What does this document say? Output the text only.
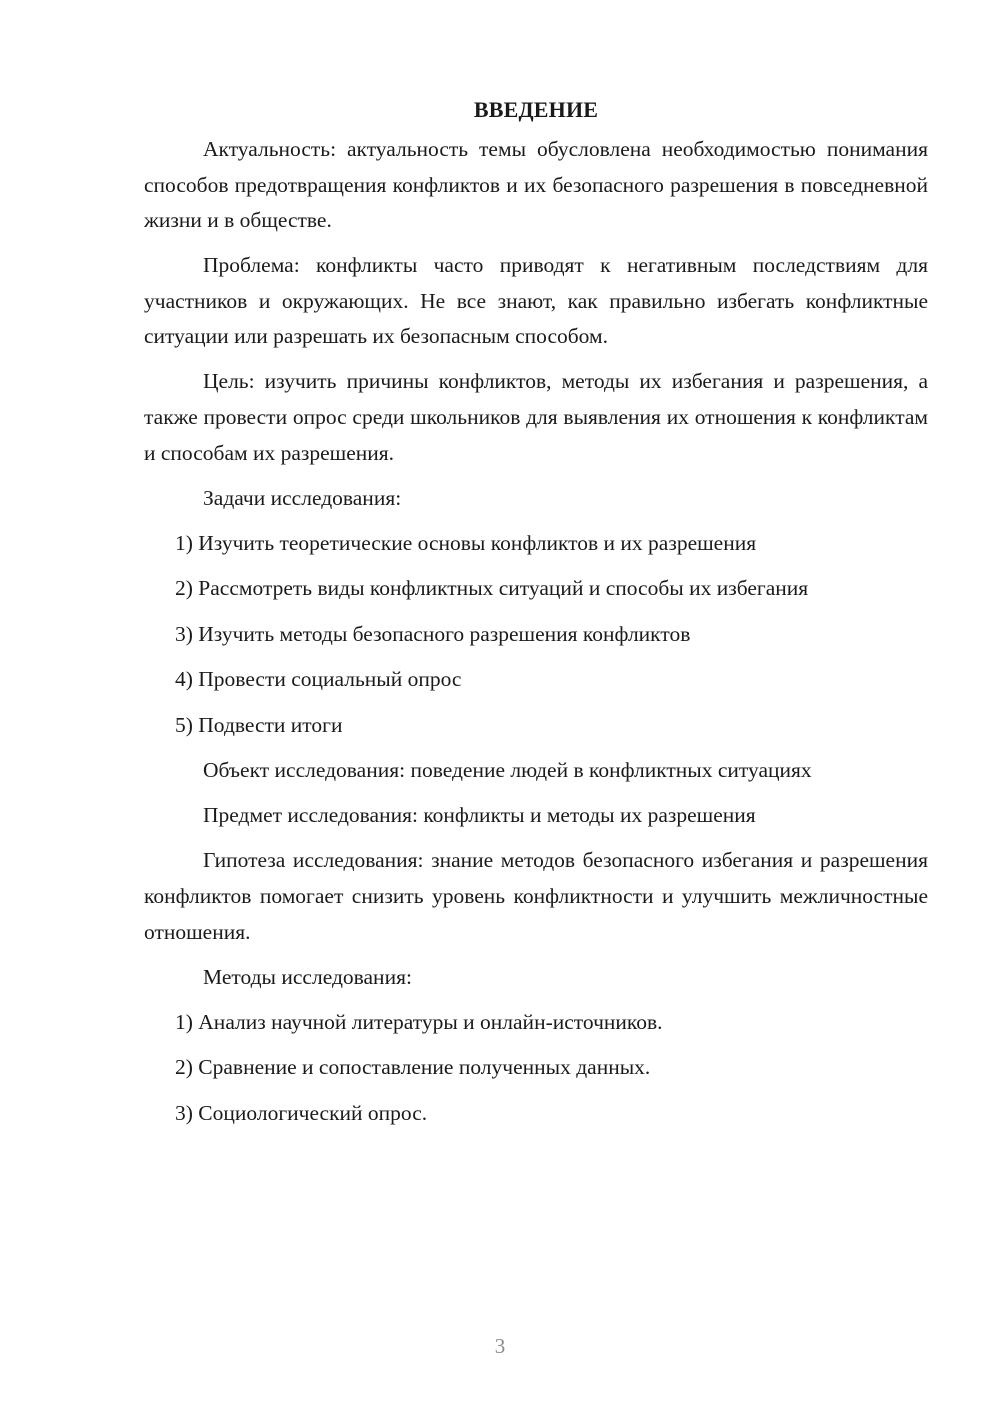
ВВЕДЕНИЕ

Актуальность: актуальность темы обусловлена необходимостью понимания способов предотвращения конфликтов и их безопасного разрешения в повседневной жизни и в обществе.

Проблема: конфликты часто приводят к негативным последствиям для участников и окружающих. Не все знают, как правильно избегать конфликтные ситуации или разрешать их безопасным способом.

Цель: изучить причины конфликтов, методы их избегания и разрешения, а также провести опрос среди школьников для выявления их отношения к конфликтам и способам их разрешения.

Задачи исследования:

1) Изучить теоретические основы конфликтов и их разрешения
2) Рассмотреть виды конфликтных ситуаций и способы их избегания
3) Изучить методы безопасного разрешения конфликтов
4) Провести социальный опрос
5) Подвести итоги

Объект исследования: поведение людей в конфликтных ситуациях

Предмет исследования: конфликты и методы их разрешения

Гипотеза исследования: знание методов безопасного избегания и разрешения конфликтов помогает снизить уровень конфликтности и улучшить межличностные отношения.

Методы исследования:

1) Анализ научной литературы и онлайн-источников.
2) Сравнение и сопоставление полученных данных.
3) Социологический опрос.
3
